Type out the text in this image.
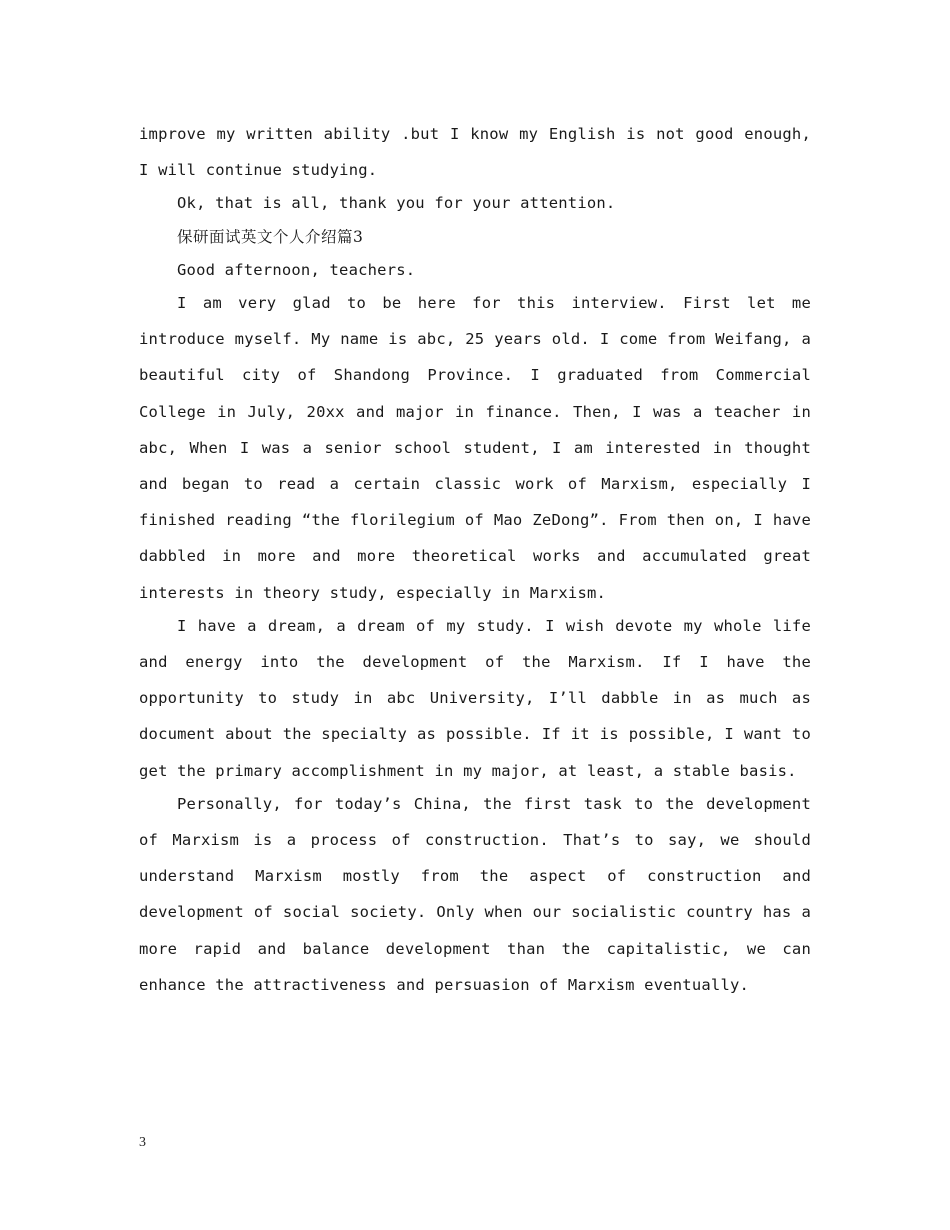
improve my written ability .but I know my English is not good enough, I will continue studying.

Ok, that is all, thank you for your attention.

保研面试英文个人介绍篇3

Good afternoon, teachers.

I am very glad to be here for this interview. First let me introduce myself. My name is abc, 25 years old. I come from Weifang, a beautiful city of Shandong Province. I graduated from Commercial College in July, 20xx and major in finance. Then, I was a teacher in abc, When I was a senior school student, I am interested in thought and began to read a certain classic work of Marxism, especially I finished reading “the florilegium of Mao ZeDong”. From then on, I have dabbled in more and more theoretical works and accumulated great interests in theory study, especially in Marxism.

I have a dream, a dream of my study. I wish devote my whole life and energy into the development of the Marxism. If I have the opportunity to study in abc University, I’ll dabble in as much as document about the specialty as possible. If it is possible, I want to get the primary accomplishment in my major, at least, a stable basis.

Personally, for today’s China, the first task to the development of Marxism is a process of construction. That’s to say, we should understand Marxism mostly from the aspect of construction and development of social society. Only when our socialistic country has a more rapid and balance development than the capitalistic, we can enhance the attractiveness and persuasion of Marxism eventually.

3
